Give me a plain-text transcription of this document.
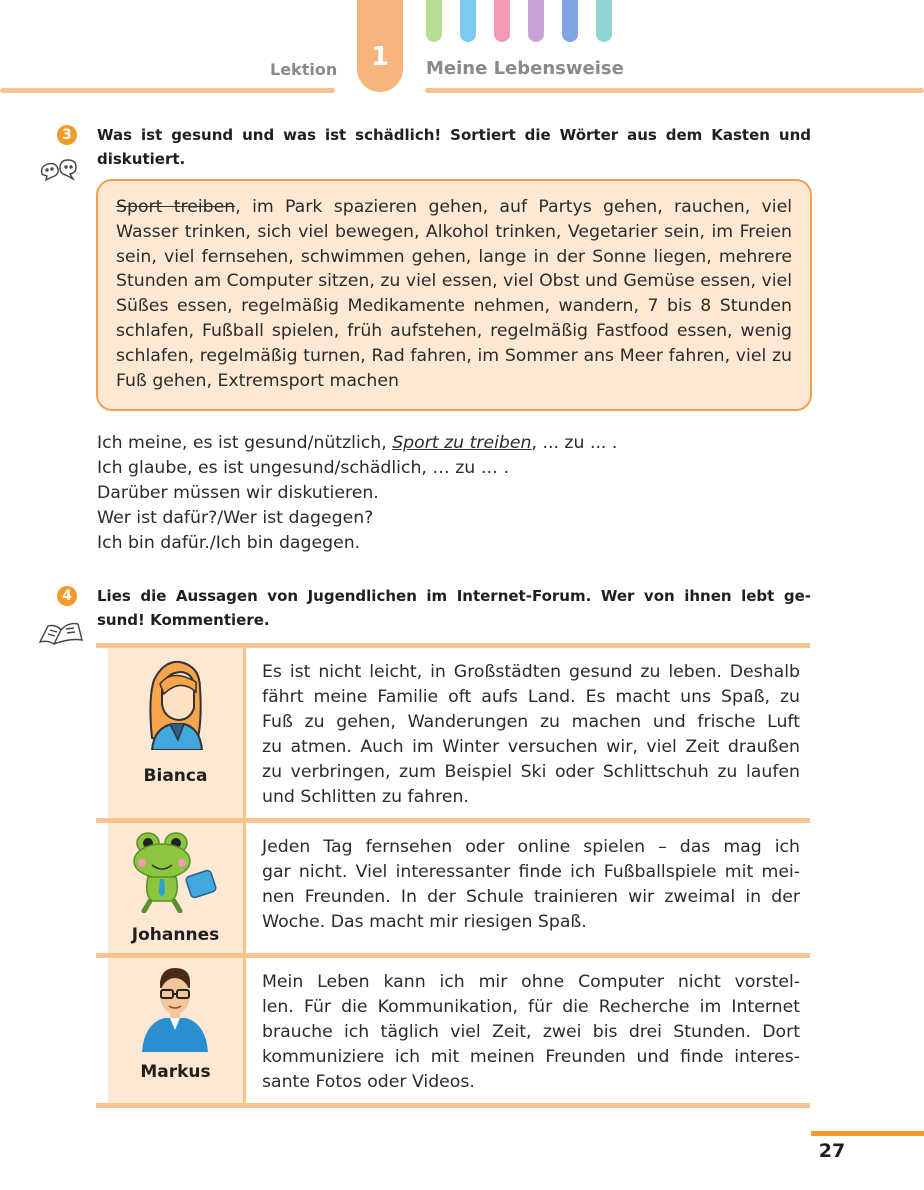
1
Lektion	Meine Lebensweise
3	Was ist gesund und was ist schädlich! Sortiert die Wörter aus dem Kasten und diskutiert.
Sport treiben, im Park spazieren gehen, auf Partys gehen, rauchen, viel Wasser trinken, sich viel bewegen, Alkohol trinken, Vegetarier sein, im Freien sein, viel fernsehen, schwimmen gehen, lange in der Sonne liegen, mehrere Stunden am Computer sitzen, zu viel essen, viel Obst und Gemüse essen, viel Süßes essen, regelmäßig Medikamente nehmen, wandern, 7 bis 8 Stunden schlafen, Fußball spielen, früh aufstehen, regelmäßig Fastfood essen, wenig schlafen, regelmäßig turnen, Rad fahren, im Sommer ans Meer fahren, viel zu Fuß gehen, Extremsport machen
Ich meine, es ist gesund/nützlich, Sport zu treiben, ... zu ... .
Ich glaube, es ist ungesund/schädlich, … zu … .
Darüber müssen wir diskutieren.
Wer ist dafür?/Wer ist dagegen?
Ich bin dafür./Ich bin dagegen.
4	Lies die Aussagen von Jugendlichen im Internet-Forum. Wer von ihnen lebt ge-sund! Kommentiere.
Bianca
Es ist nicht leicht, in Großstädten gesund zu leben. Deshalb
fährt meine Familie oft aufs Land. Es macht uns Spaß, zu
Fuß zu gehen, Wanderungen zu machen und frische Luft
zu atmen. Auch im Winter versuchen wir, viel Zeit draußen
zu verbringen, zum Beispiel Ski oder Schlittschuh zu laufen
und Schlitten zu fahren.
Johannes
Jeden Tag fernsehen oder online spielen – das mag ich
gar nicht. Viel interessanter finde ich Fußballspiele mit mei-
nen Freunden. In der Schule trainieren wir zweimal in der
Woche. Das macht mir riesigen Spaß.
Markus
Mein Leben kann ich mir ohne Computer nicht vorstel-
len. Für die Kommunikation, für die Recherche im Internet
brauche ich täglich viel Zeit, zwei bis drei Stunden. Dort
kommuniziere ich mit meinen Freunden und finde interes-
sante Fotos oder Videos.
27
